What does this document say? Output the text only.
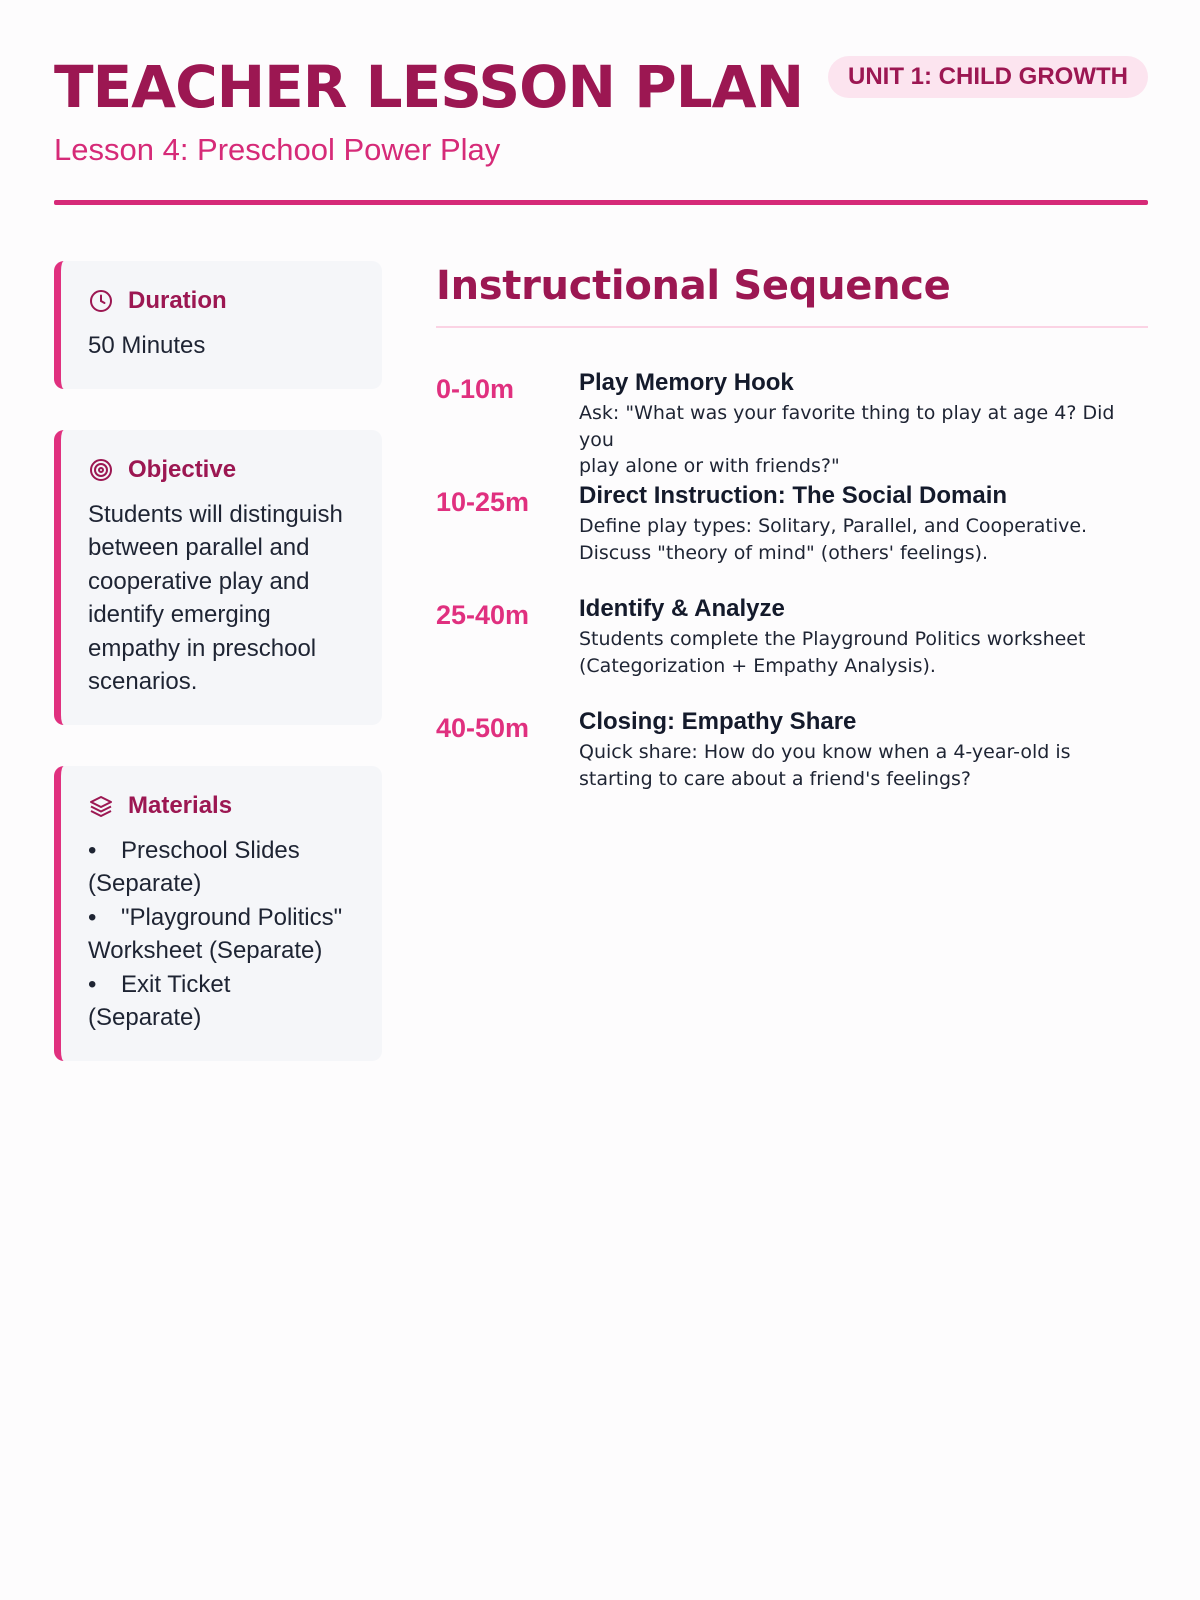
TEACHER LESSON PLAN
Lesson 4: Preschool Power Play
UNIT 1: CHILD GROWTH
Duration
50 Minutes
Objective
Students will distinguish
between parallel and
cooperative play and
identify emerging
empathy in preschool
scenarios.
Materials
• Preschool Slides
(Separate)
• "Playground Politics"
Worksheet (Separate)
• Exit Ticket
(Separate)
Instructional Sequence
0-10m	Play Memory Hook
Ask: "What was your favorite thing to play at age 4? Did you
play alone or with friends?"
10-25m	Direct Instruction: The Social Domain
Define play types: Solitary, Parallel, and Cooperative.
Discuss "theory of mind" (others' feelings).
25-40m	Identify & Analyze
Students complete the Playground Politics worksheet
(Categorization + Empathy Analysis).
40-50m	Closing: Empathy Share
Quick share: How do you know when a 4-year-old is
starting to care about a friend's feelings?
